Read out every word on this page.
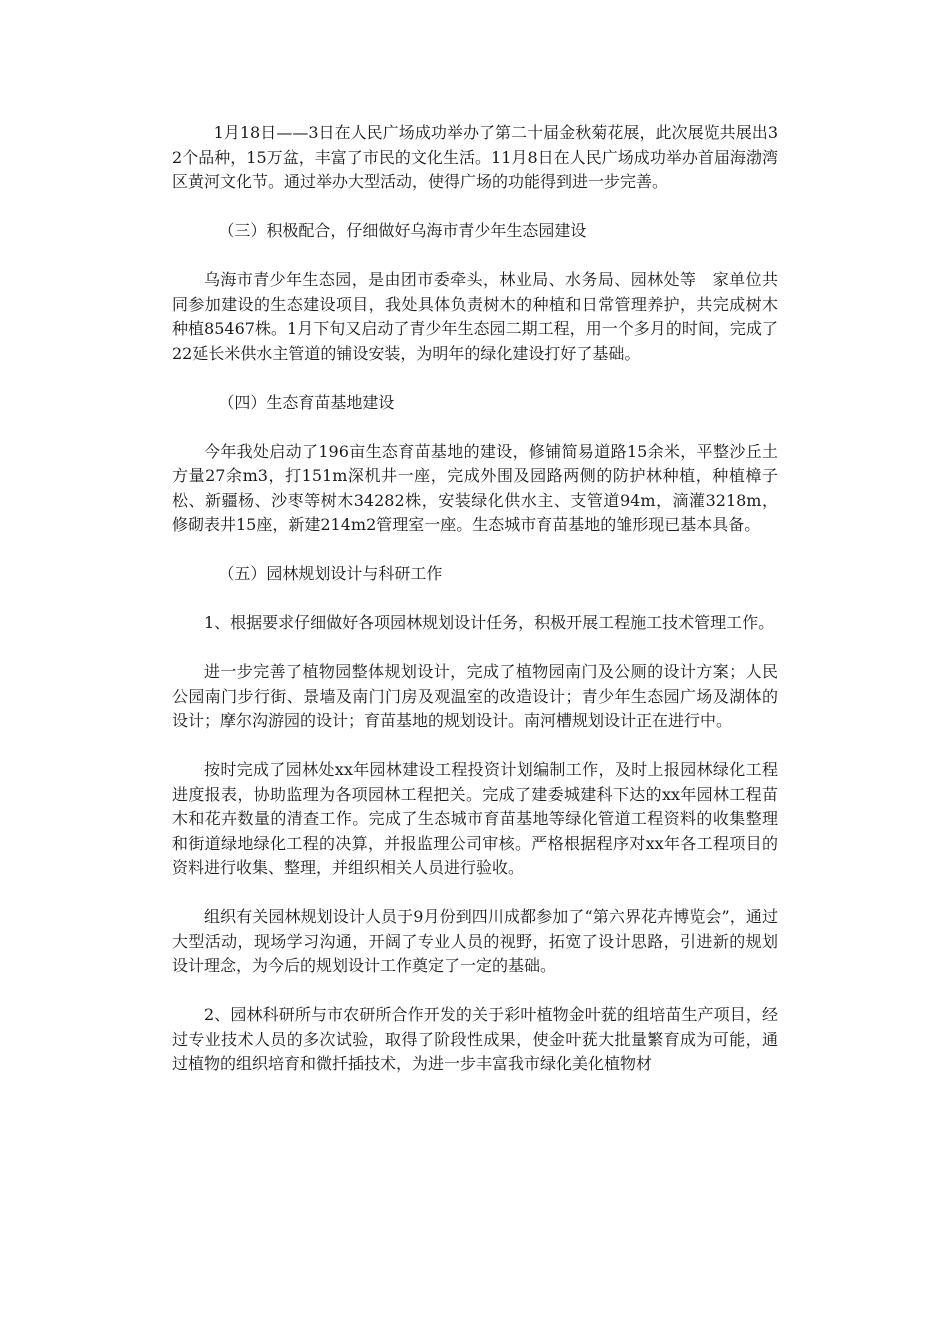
1月18日——3日在人民广场成功举办了第二十届金秋菊花展，此次展览共展出32个品种，15万盆，丰富了市民的文化生活。11月8日在人民广场成功举办首届海渤湾区黄河文化节。通过举办大型活动，使得广场的功能得到进一步完善。

（三）积极配合，仔细做好乌海市青少年生态园建设

乌海市青少年生态园，是由团市委牵头，林业局、水务局、园林处等　家单位共同参加建设的生态建设项目，我处具体负责树木的种植和日常管理养护，共完成树木种植85467株。1月下旬又启动了青少年生态园二期工程，用一个多月的时间，完成了22延长米供水主管道的铺设安装，为明年的绿化建设打好了基础。

（四）生态育苗基地建设

今年我处启动了196亩生态育苗基地的建设，修铺简易道路15余米，平整沙丘土方量27余m3，打151m深机井一座，完成外围及园路两侧的防护林种植，种植樟子松、新疆杨、沙枣等树木34282株，安装绿化供水主、支管道94m，滴灌3218m，修砌表井15座，新建214m2管理室一座。生态城市育苗基地的雏形现已基本具备。

（五）园林规划设计与科研工作

1、根据要求仔细做好各项园林规划设计任务，积极开展工程施工技术管理工作。

进一步完善了植物园整体规划设计，完成了植物园南门及公厕的设计方案；人民公园南门步行街、景墙及南门门房及观温室的改造设计；青少年生态园广场及湖体的设计；摩尔沟游园的设计；育苗基地的规划设计。南河槽规划设计正在进行中。

按时完成了园林处xx年园林建设工程投资计划编制工作，及时上报园林绿化工程进度报表，协助监理为各项园林工程把关。完成了建委城建科下达的xx年园林工程苗木和花卉数量的清查工作。完成了生态城市育苗基地等绿化管道工程资料的收集整理和街道绿地绿化工程的决算，并报监理公司审核。严格根据程序对xx年各工程项目的资料进行收集、整理，并组织相关人员进行验收。

组织有关园林规划设计人员于9月份到四川成都参加了“第六界花卉博览会”，通过大型活动，现场学习沟通，开阔了专业人员的视野，拓宽了设计思路，引进新的规划设计理念，为今后的规划设计工作奠定了一定的基础。

2、园林科研所与市农研所合作开发的关于彩叶植物金叶莸的组培苗生产项目，经过专业技术人员的多次试验，取得了阶段性成果，使金叶莸大批量繁育成为可能，通过植物的组织培育和微扦插技术，为进一步丰富我市绿化美化植物材
